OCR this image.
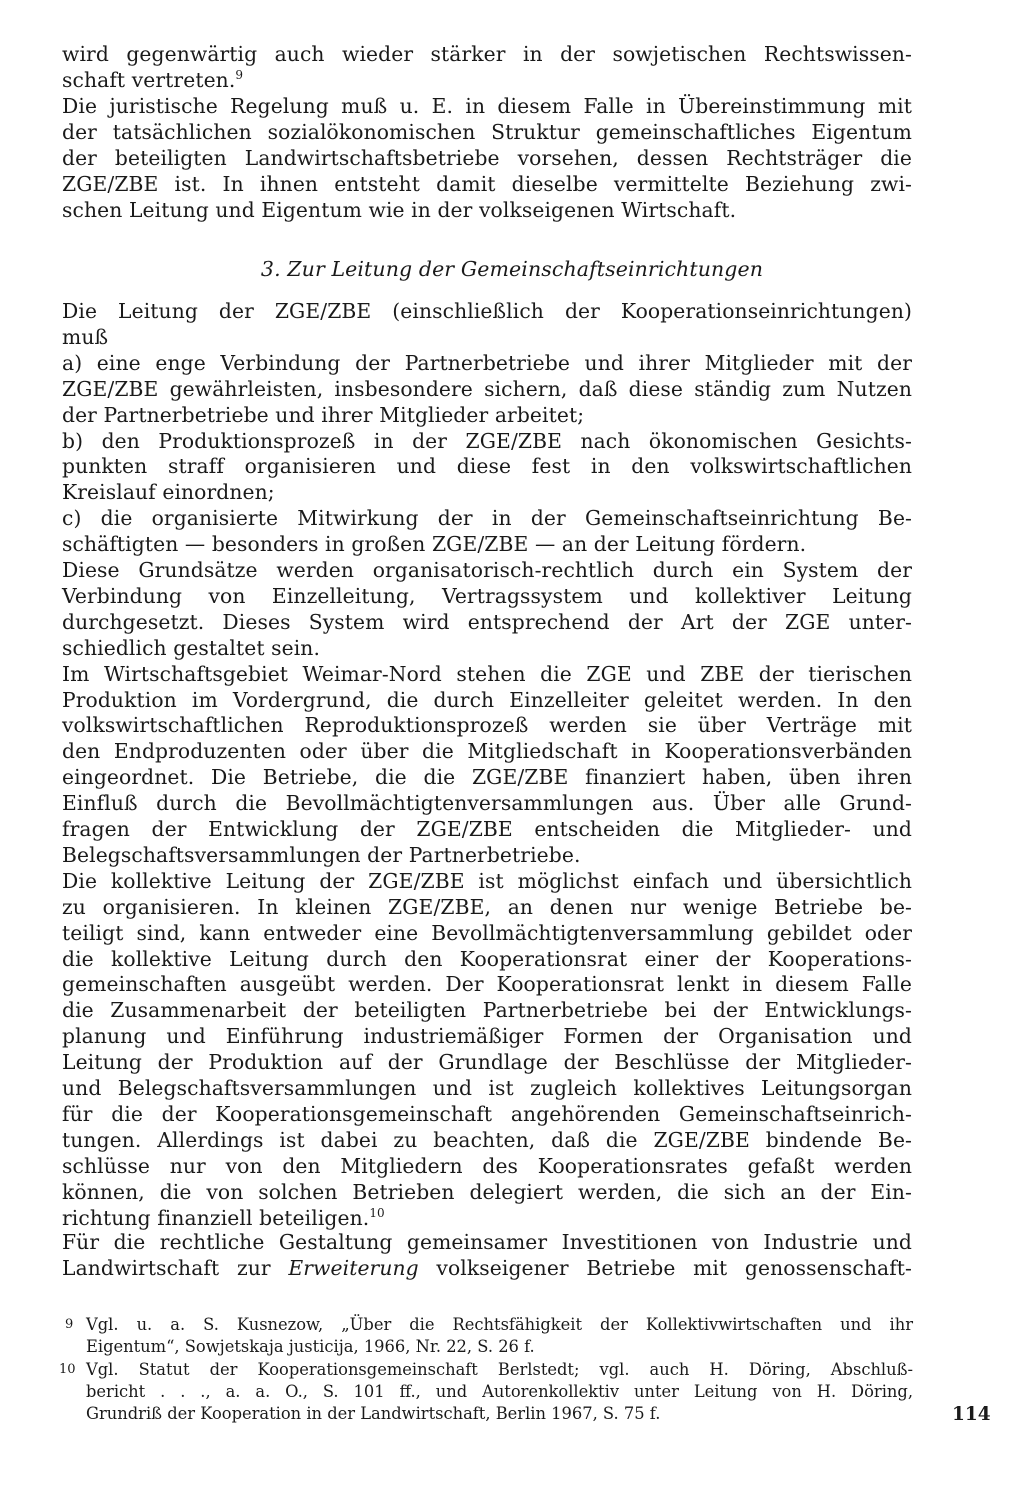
wird gegenwärtig auch wieder stärker in der sowjetischen Rechtswissen-
schaft vertreten.$^9$
Die juristische Regelung muß u. E. in diesem Falle in Übereinstimmung mit
der tatsächlichen sozialökonomischen Struktur gemeinschaftliches Eigentum
der beteiligten Landwirtschaftsbetriebe vorsehen, dessen Rechtsträger die
ZGE/ZBE ist. In ihnen entsteht damit dieselbe vermittelte Beziehung zwi-
schen Leitung und Eigentum wie in der volkseigenen Wirtschaft.
3. Zur Leitung der Gemeinschaftseinrichtungen
Die Leitung der ZGE/ZBE (einschließlich der Kooperationseinrichtungen)
muß
a) eine enge Verbindung der Partnerbetriebe und ihrer Mitglieder mit der
ZGE/ZBE gewährleisten, insbesondere sichern, daß diese ständig zum Nutzen
der Partnerbetriebe und ihrer Mitglieder arbeitet;
b) den Produktionsprozeß in der ZGE/ZBE nach ökonomischen Gesichts-
punkten straff organisieren und diese fest in den volkswirtschaftlichen
Kreislauf einordnen;
c) die organisierte Mitwirkung der in der Gemeinschaftseinrichtung Be-
schäftigten — besonders in großen ZGE/ZBE — an der Leitung fördern.
Diese Grundsätze werden organisatorisch-rechtlich durch ein System der
Verbindung von Einzelleitung, Vertragssystem und kollektiver Leitung
durchgesetzt. Dieses System wird entsprechend der Art der ZGE unter-
schiedlich gestaltet sein.
Im Wirtschaftsgebiet Weimar-Nord stehen die ZGE und ZBE der tierischen
Produktion im Vordergrund, die durch Einzelleiter geleitet werden. In den
volkswirtschaftlichen Reproduktionsprozeß werden sie über Verträge mit
den Endproduzenten oder über die Mitgliedschaft in Kooperationsverbänden
eingeordnet. Die Betriebe, die die ZGE/ZBE finanziert haben, üben ihren
Einfluß durch die Bevollmächtigtenversammlungen aus. Über alle Grund-
fragen der Entwicklung der ZGE/ZBE entscheiden die Mitglieder- und
Belegschaftsversammlungen der Partnerbetriebe.
Die kollektive Leitung der ZGE/ZBE ist möglichst einfach und übersichtlich
zu organisieren. In kleinen ZGE/ZBE, an denen nur wenige Betriebe be-
teiligt sind, kann entweder eine Bevollmächtigtenversammlung gebildet oder
die kollektive Leitung durch den Kooperationsrat einer der Kooperations-
gemeinschaften ausgeübt werden. Der Kooperationsrat lenkt in diesem Falle
die Zusammenarbeit der beteiligten Partnerbetriebe bei der Entwicklungs-
planung und Einführung industriemäßiger Formen der Organisation und
Leitung der Produktion auf der Grundlage der Beschlüsse der Mitglieder-
und Belegschaftsversammlungen und ist zugleich kollektives Leitungsorgan
für die der Kooperationsgemeinschaft angehörenden Gemeinschaftseinrich-
tungen. Allerdings ist dabei zu beachten, daß die ZGE/ZBE bindende Be-
schlüsse nur von den Mitgliedern des Kooperationsrates gefaßt werden
können, die von solchen Betrieben delegiert werden, die sich an der Ein-
richtung finanziell beteiligen.$^{10}$
Für die rechtliche Gestaltung gemeinsamer Investitionen von Industrie und
Landwirtschaft zur Erweiterung volkseigener Betriebe mit genossenschaft-
9 Vgl. u. a. S. Kusnezow, „Über die Rechtsfähigkeit der Kollektivwirtschaften und ihr
Eigentum“, Sowjetskaja justicija, 1966, Nr. 22, S. 26 f.
10 Vgl. Statut der Kooperationsgemeinschaft Berlstedt; vgl. auch H. Döring, Abschluß-
bericht . . ., a. a. O., S. 101 ff., und Autorenkollektiv unter Leitung von H. Döring,
Grundriß der Kooperation in der Landwirtschaft, Berlin 1967, S. 75 f.	114
